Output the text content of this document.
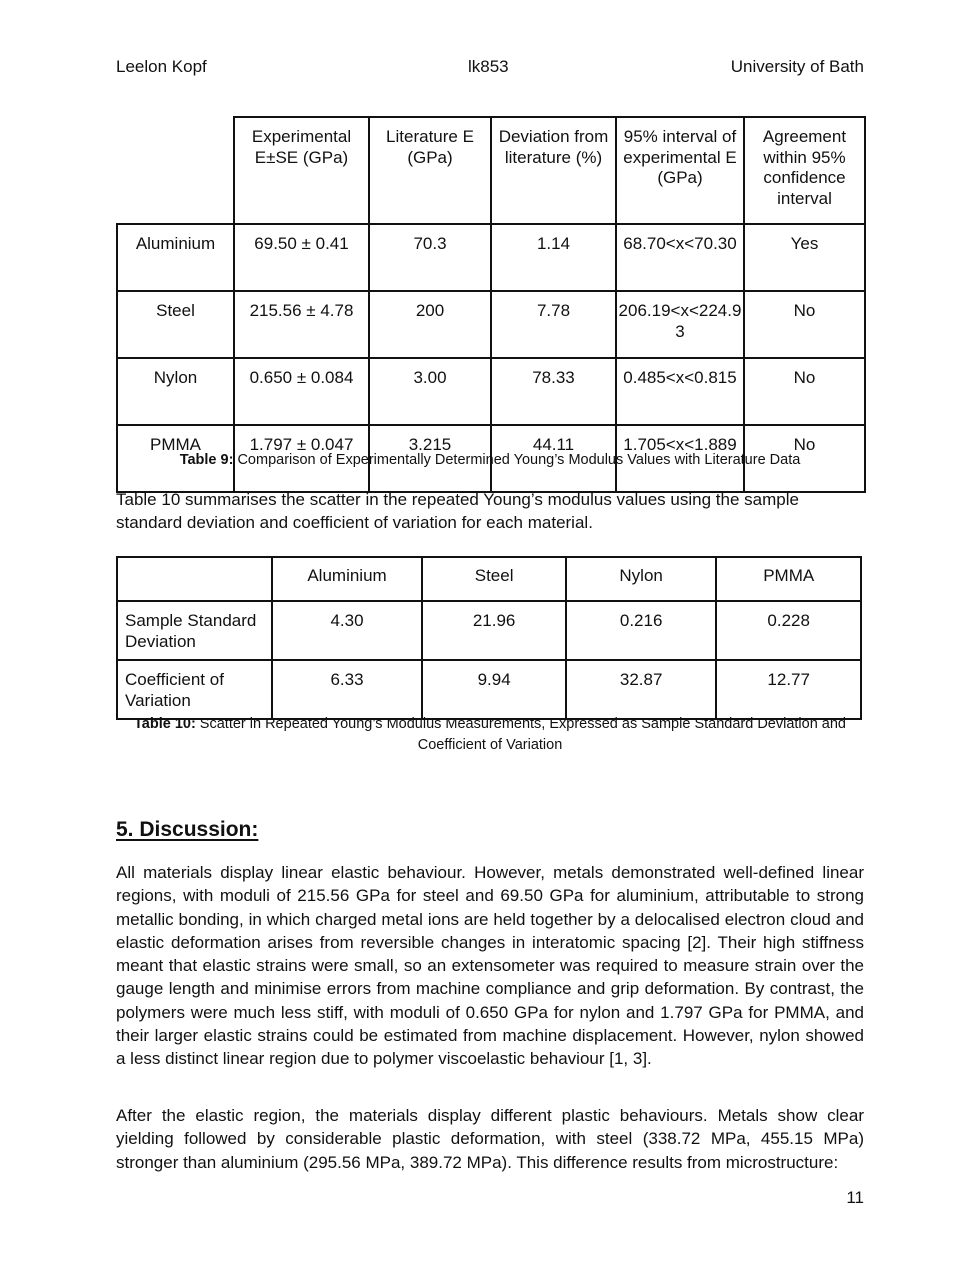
Leelon Kopf	lk853	University of Bath
	Experimental E±SE (GPa)	Literature E (GPa)	Deviation from literature (%)	95% interval of experimental E (GPa)	Agreement within 95% confidence interval
Aluminium	69.50 ± 0.41	70.3	1.14	68.70<x<70.30	Yes
Steel	215.56 ± 4.78	200	7.78	206.19<x<224.93	No
Nylon	0.650 ± 0.084	3.00	78.33	0.485<x<0.815	No
PMMA	1.797 ± 0.047	3.215	44.11	1.705<x<1.889	No
Table 9: Comparison of Experimentally Determined Young’s Modulus Values with Literature Data
Table 10 summarises the scatter in the repeated Young’s modulus values using the sample standard deviation and coefficient of variation for each material.
	Aluminium	Steel	Nylon	PMMA
Sample Standard Deviation	4.30	21.96	0.216	0.228
Coefficient of Variation	6.33	9.94	32.87	12.77
Table 10: Scatter in Repeated Young’s Modulus Measurements, Expressed as Sample Standard Deviation and Coefficient of Variation
5. Discussion:
All materials display linear elastic behaviour. However, metals demonstrated well-defined linear regions, with moduli of 215.56 GPa for steel and 69.50 GPa for aluminium, attributable to strong metallic bonding, in which charged metal ions are held together by a delocalised electron cloud and elastic deformation arises from reversible changes in interatomic spacing [2]. Their high stiffness meant that elastic strains were small, so an extensometer was required to measure strain over the gauge length and minimise errors from machine compliance and grip deformation. By contrast, the polymers were much less stiff, with moduli of 0.650 GPa for nylon and 1.797 GPa for PMMA, and their larger elastic strains could be estimated from machine displacement. However, nylon showed a less distinct linear region due to polymer viscoelastic behaviour [1, 3].
After the elastic region, the materials display different plastic behaviours. Metals show clear yielding followed by considerable plastic deformation, with steel (338.72 MPa, 455.15 MPa) stronger than aluminium (295.56 MPa, 389.72 MPa). This difference results from microstructure:
11
